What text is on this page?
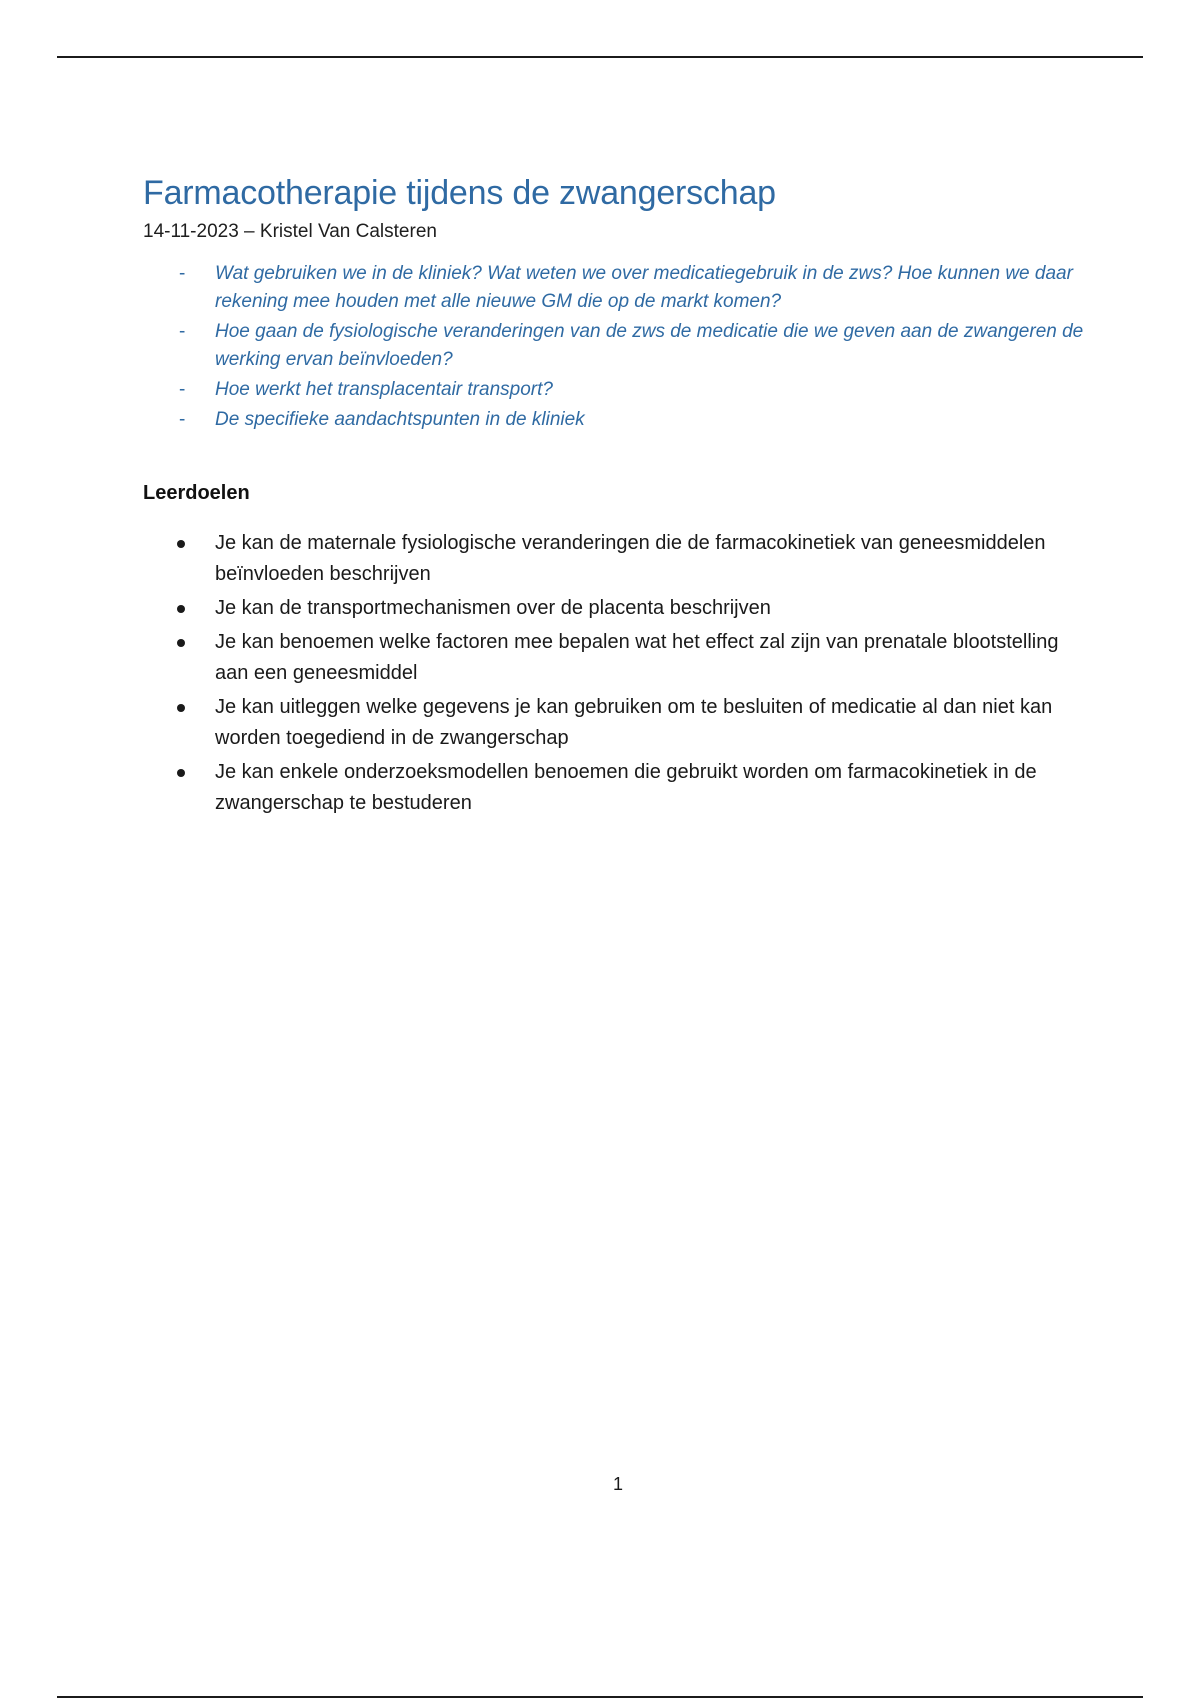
Farmacotherapie tijdens de zwangerschap

14-11-2023 – Kristel Van Calsteren

- Wat gebruiken we in de kliniek? Wat weten we over medicatiegebruik in de zws? Hoe kunnen we daar rekening mee houden met alle nieuwe GM die op de markt komen?
- Hoe gaan de fysiologische veranderingen van de zws de medicatie die we geven aan de zwangeren de werking ervan beïnvloeden?
- Hoe werkt het transplacentair transport?
- De specifieke aandachtspunten in de kliniek
Leerdoelen
Je kan de maternale fysiologische veranderingen die de farmacokinetiek van geneesmiddelen beïnvloeden beschrijven
Je kan de transportmechanismen over de placenta beschrijven
Je kan benoemen welke factoren mee bepalen wat het effect zal zijn van prenatale blootstelling aan een geneesmiddel
Je kan uitleggen welke gegevens je kan gebruiken om te besluiten of medicatie al dan niet kan worden toegediend in de zwangerschap
Je kan enkele onderzoeksmodellen benoemen die gebruikt worden om farmacokinetiek in de zwangerschap te bestuderen
1
